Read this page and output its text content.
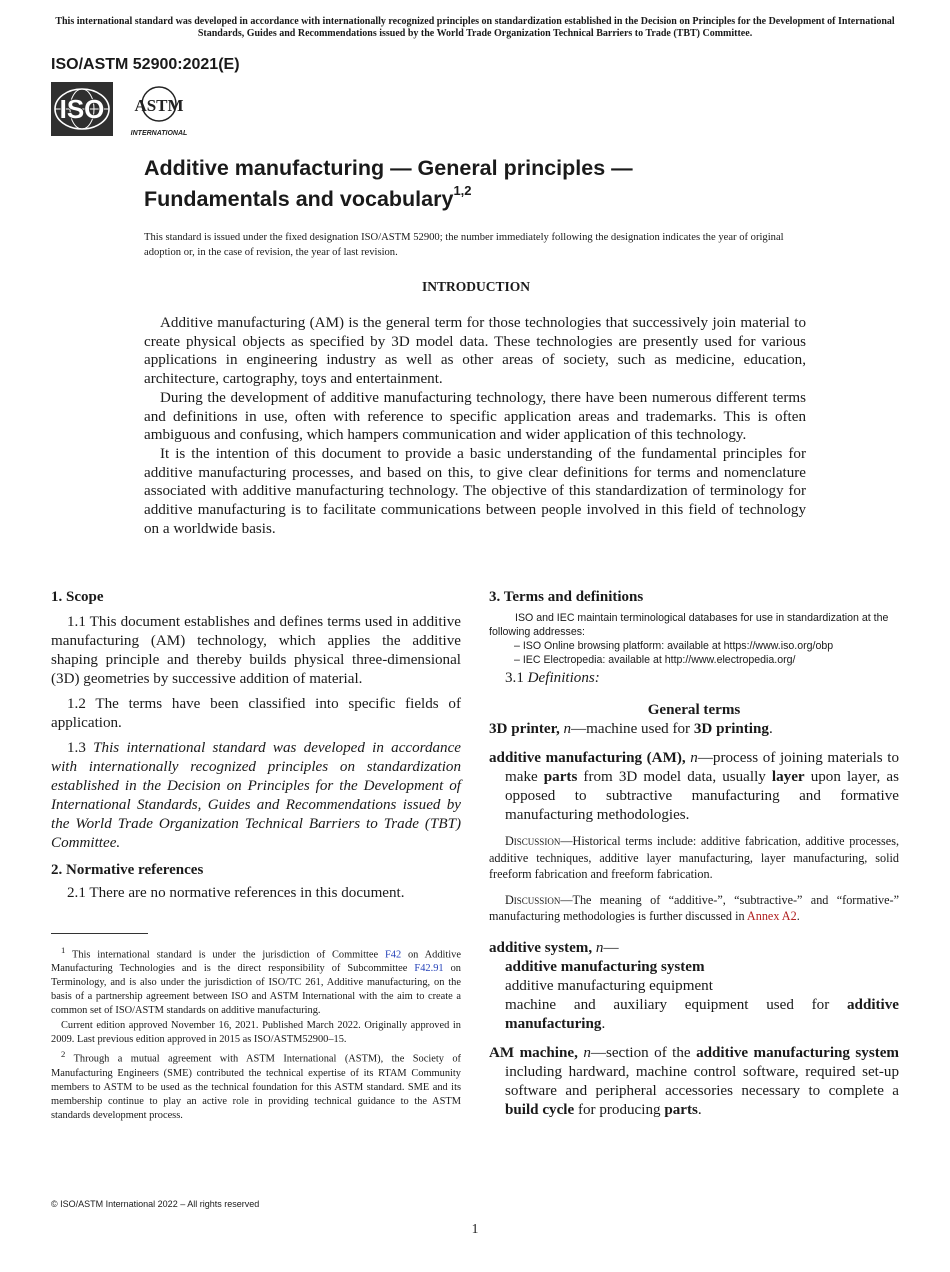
This international standard was developed in accordance with internationally recognized principles on standardization established in the Decision on Principles for the Development of International Standards, Guides and Recommendations issued by the World Trade Organization Technical Barriers to Trade (TBT) Committee.
ISO/ASTM 52900:2021(E)
ISO ASTM
INTERNATIONAL
Additive manufacturing — General principles —
Fundamentals and vocabulary$^{1,2}$
This standard is issued under the fixed designation ISO/ASTM 52900; the number immediately following the designation indicates the year of original adoption or, in the case of revision, the year of last revision.
INTRODUCTION

Additive manufacturing (AM) is the general term for those technologies that successively join material to create physical objects as specified by 3D model data. These technologies are presently used for various applications in engineering industry as well as other areas of society, such as medicine, education, architecture, cartography, toys and entertainment.

During the development of additive manufacturing technology, there have been numerous different terms and definitions in use, often with reference to specific application areas and trademarks. This is often ambiguous and confusing, which hampers communication and wider application of this technology.

It is the intention of this document to provide a basic understanding of the fundamental principles for additive manufacturing processes, and based on this, to give clear definitions for terms and nomenclature associated with additive manufacturing technology. The objective of this standardization of terminology for additive manufacturing is to facilitate communications between people involved in this field of technology on a worldwide basis.

1. Scope
1.1 This document establishes and defines terms used in additive manufacturing (AM) technology, which applies the additive shaping principle and thereby builds physical three-dimensional (3D) geometries by successive addition of material.
1.2 The terms have been classified into specific fields of application.
1.3 This international standard was developed in accordance with internationally recognized principles on standardization established in the Decision on Principles for the Development of International Standards, Guides and Recommendations issued by the World Trade Organization Technical Barriers to Trade (TBT) Committee.
2. Normative references
2.1 There are no normative references in this document.
$^1$ This international standard is under the jurisdiction of Committee F42 on Additive Manufacturing Technologies and is the direct responsibility of Subcommittee F42.91 on Terminology, and is also under the jurisdiction of ISO/TC 261, Additive manufacturing, on the basis of a partnership agreement between ISO and ASTM International with the aim to create a common set of ISO/ASTM standards on additive manufacturing.
Current edition approved November 16, 2021. Published March 2022. Originally approved in 2009. Last previous edition approved in 2015 as ISO/ASTM52900–15.
$^2$ Through a mutual agreement with ASTM International (ASTM), the Society of Manufacturing Engineers (SME) contributed the technical expertise of its RTAM Community members to ASTM to be used as the technical foundation for this ASTM standard. SME and its membership continue to play an active role in providing technical guidance to the ASTM standards development process.
3. Terms and definitions
ISO and IEC maintain terminological databases for use in standardization at the following addresses:
– ISO Online browsing platform: available at https://www.iso.org/obp
– IEC Electropedia: available at http://www.electropedia.org/
3.1 Definitions:
General terms
3D printer, n—machine used for 3D printing.
additive manufacturing (AM), n—process of joining materials to make parts from 3D model data, usually layer upon layer, as opposed to subtractive manufacturing and formative manufacturing methodologies.
Discussion—Historical terms include: additive fabrication, additive processes, additive techniques, additive layer manufacturing, layer manufacturing, solid freeform fabrication and freeform fabrication.
Discussion—The meaning of “additive-”, “subtractive-” and “formative-” manufacturing methodologies is further discussed in Annex A2.
additive system, n—
additive manufacturing system
additive manufacturing equipment
machine and auxiliary equipment used for additive manufacturing.
AM machine, n—section of the additive manufacturing system including hardward, machine control software, required set-up software and peripheral accessories necessary to complete a build cycle for producing parts.
© ISO/ASTM International 2022 – All rights reserved
1
